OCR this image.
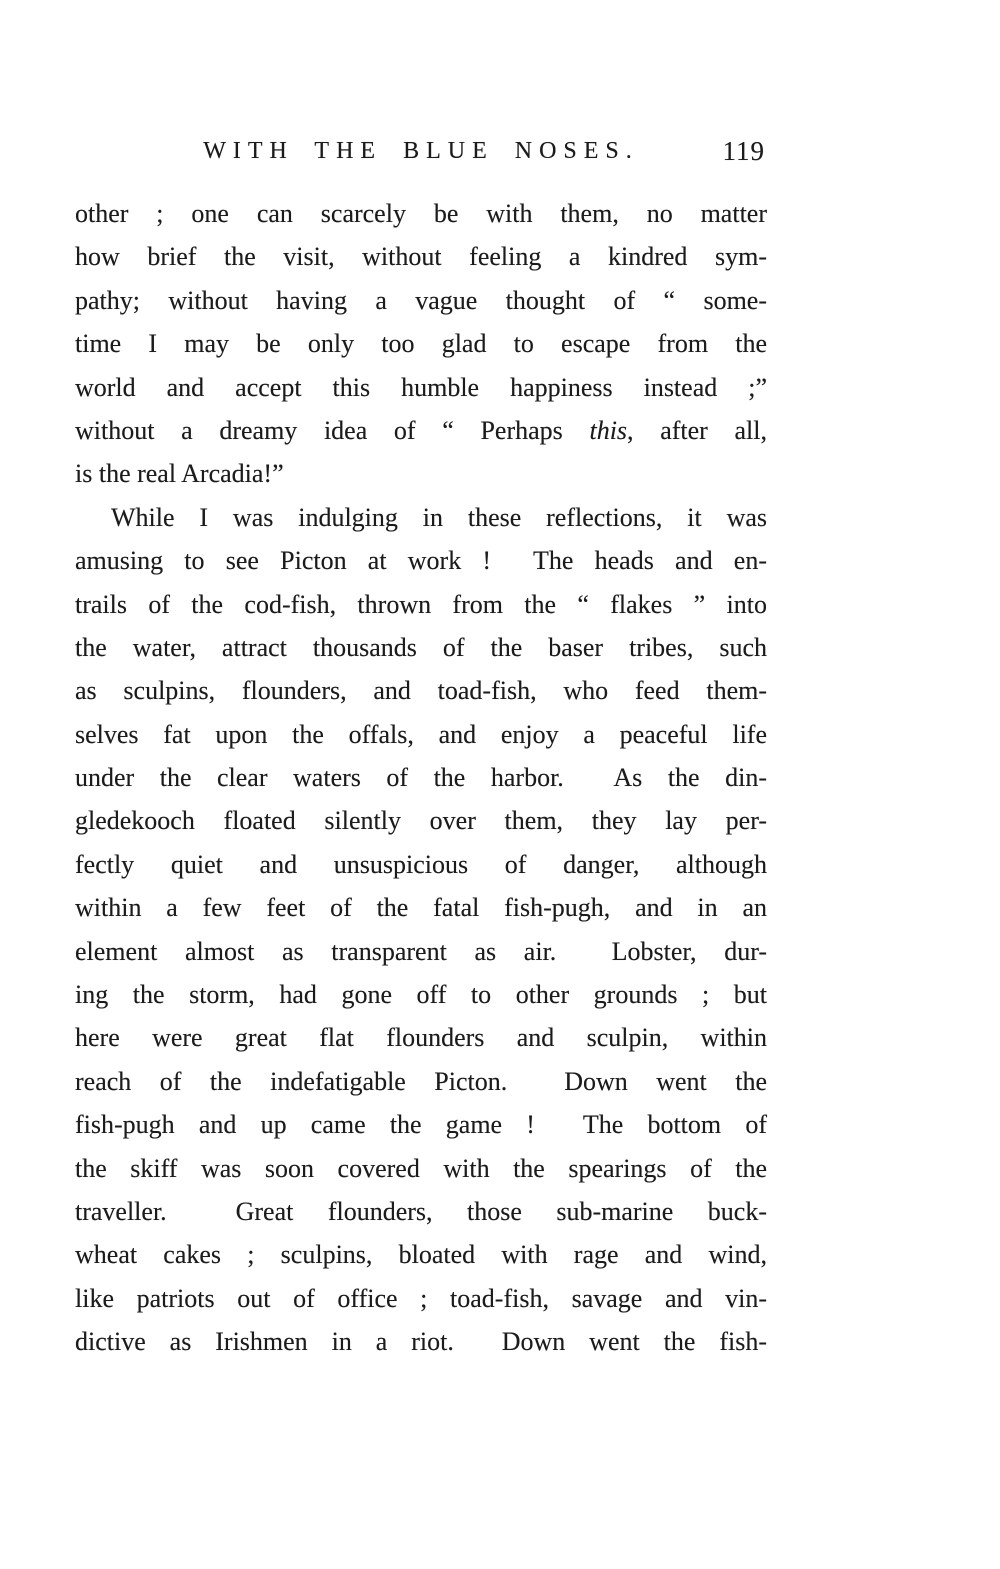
WITH THE BLUE NOSES.	119
other ; one can scarcely be with them, no matter
how brief the visit, without feeling a kindred sym-
pathy; without having a vague thought of “ some-
time I may be only too glad to escape from the
world and accept this humble happiness instead ;”
without a dreamy idea of “ Perhaps this, after all,
is the real Arcadia!”
While I was indulging in these reflections, it was
amusing to see Picton at work !  The heads and en-
trails of the cod-fish, thrown from the “ flakes ” into
the water, attract thousands of the baser tribes, such
as sculpins, flounders, and toad-fish, who feed them-
selves fat upon the offals, and enjoy a peaceful life
under the clear waters of the harbor.  As the din-
gledekooch floated silently over them, they lay per-
fectly quiet and unsuspicious of danger, although
within a few feet of the fatal fish-pugh, and in an
element almost as transparent as air.  Lobster, dur-
ing the storm, had gone off to other grounds ; but
here were great flat flounders and sculpin, within
reach of the indefatigable Picton.  Down went the
fish-pugh and up came the game !  The bottom of
the skiff was soon covered with the spearings of the
traveller.  Great flounders, those sub-marine buck-
wheat cakes ; sculpins, bloated with rage and wind,
like patriots out of office ; toad-fish, savage and vin-
dictive as Irishmen in a riot.  Down went the fish-
